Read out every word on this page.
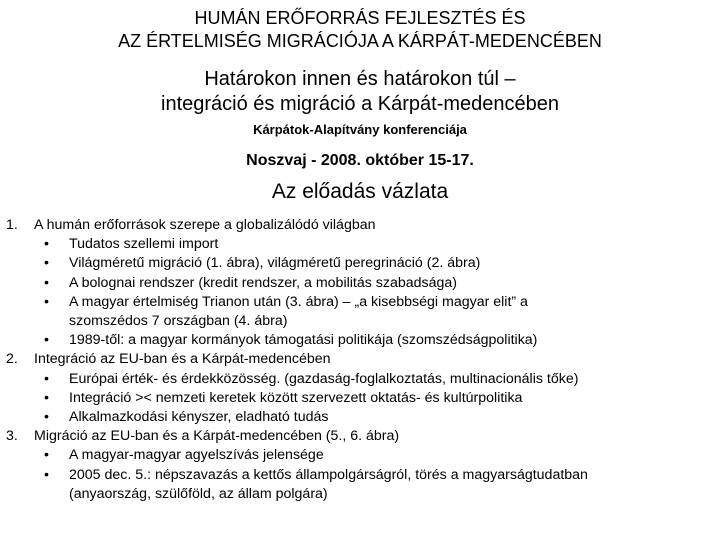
HUMÁN ERŐFORRÁS FEJLESZTÉS ÉS
AZ ÉRTELMISÉG MIGRÁCIÓJA A KÁRPÁT-MEDENCÉBEN
Határokon innen és határokon túl –
integráció és migráció a Kárpát-medencében
Kárpátok-Alapítvány konferenciája
Noszvaj - 2008. október 15-17.
Az előadás vázlata
1.	A humán erőforrások szerepe a globalizálódó világban
•	Tudatos szellemi import
•	Világméretű migráció (1. ábra), világméretű peregrináció (2. ábra)
•	A bolognai rendszer (kredit rendszer, a mobilitás szabadsága)
•	A magyar értelmiség Trianon után (3. ábra) – „a kisebbségi magyar elit” a
szomszédos 7 országban (4. ábra)
•	1989-től: a magyar kormányok támogatási politikája (szomszédságpolitika)
2.	Integráció az EU-ban és a Kárpát-medencében
•	Európai érték- és érdekközösség. (gazdaság-foglalkoztatás, multinacionális tőke)
•	Integráció >< nemzeti keretek között szervezett oktatás- és kultúrpolitika
•	Alkalmazkodási kényszer, eladható tudás
3.	Migráció az EU-ban és a Kárpát-medencében (5., 6. ábra)
•	A magyar-magyar agyelszívás jelensége
•	2005 dec. 5.: népszavazás a kettős állampolgárságról, törés a magyarságtudatban
(anyaország, szülőföld, az állam polgára)
